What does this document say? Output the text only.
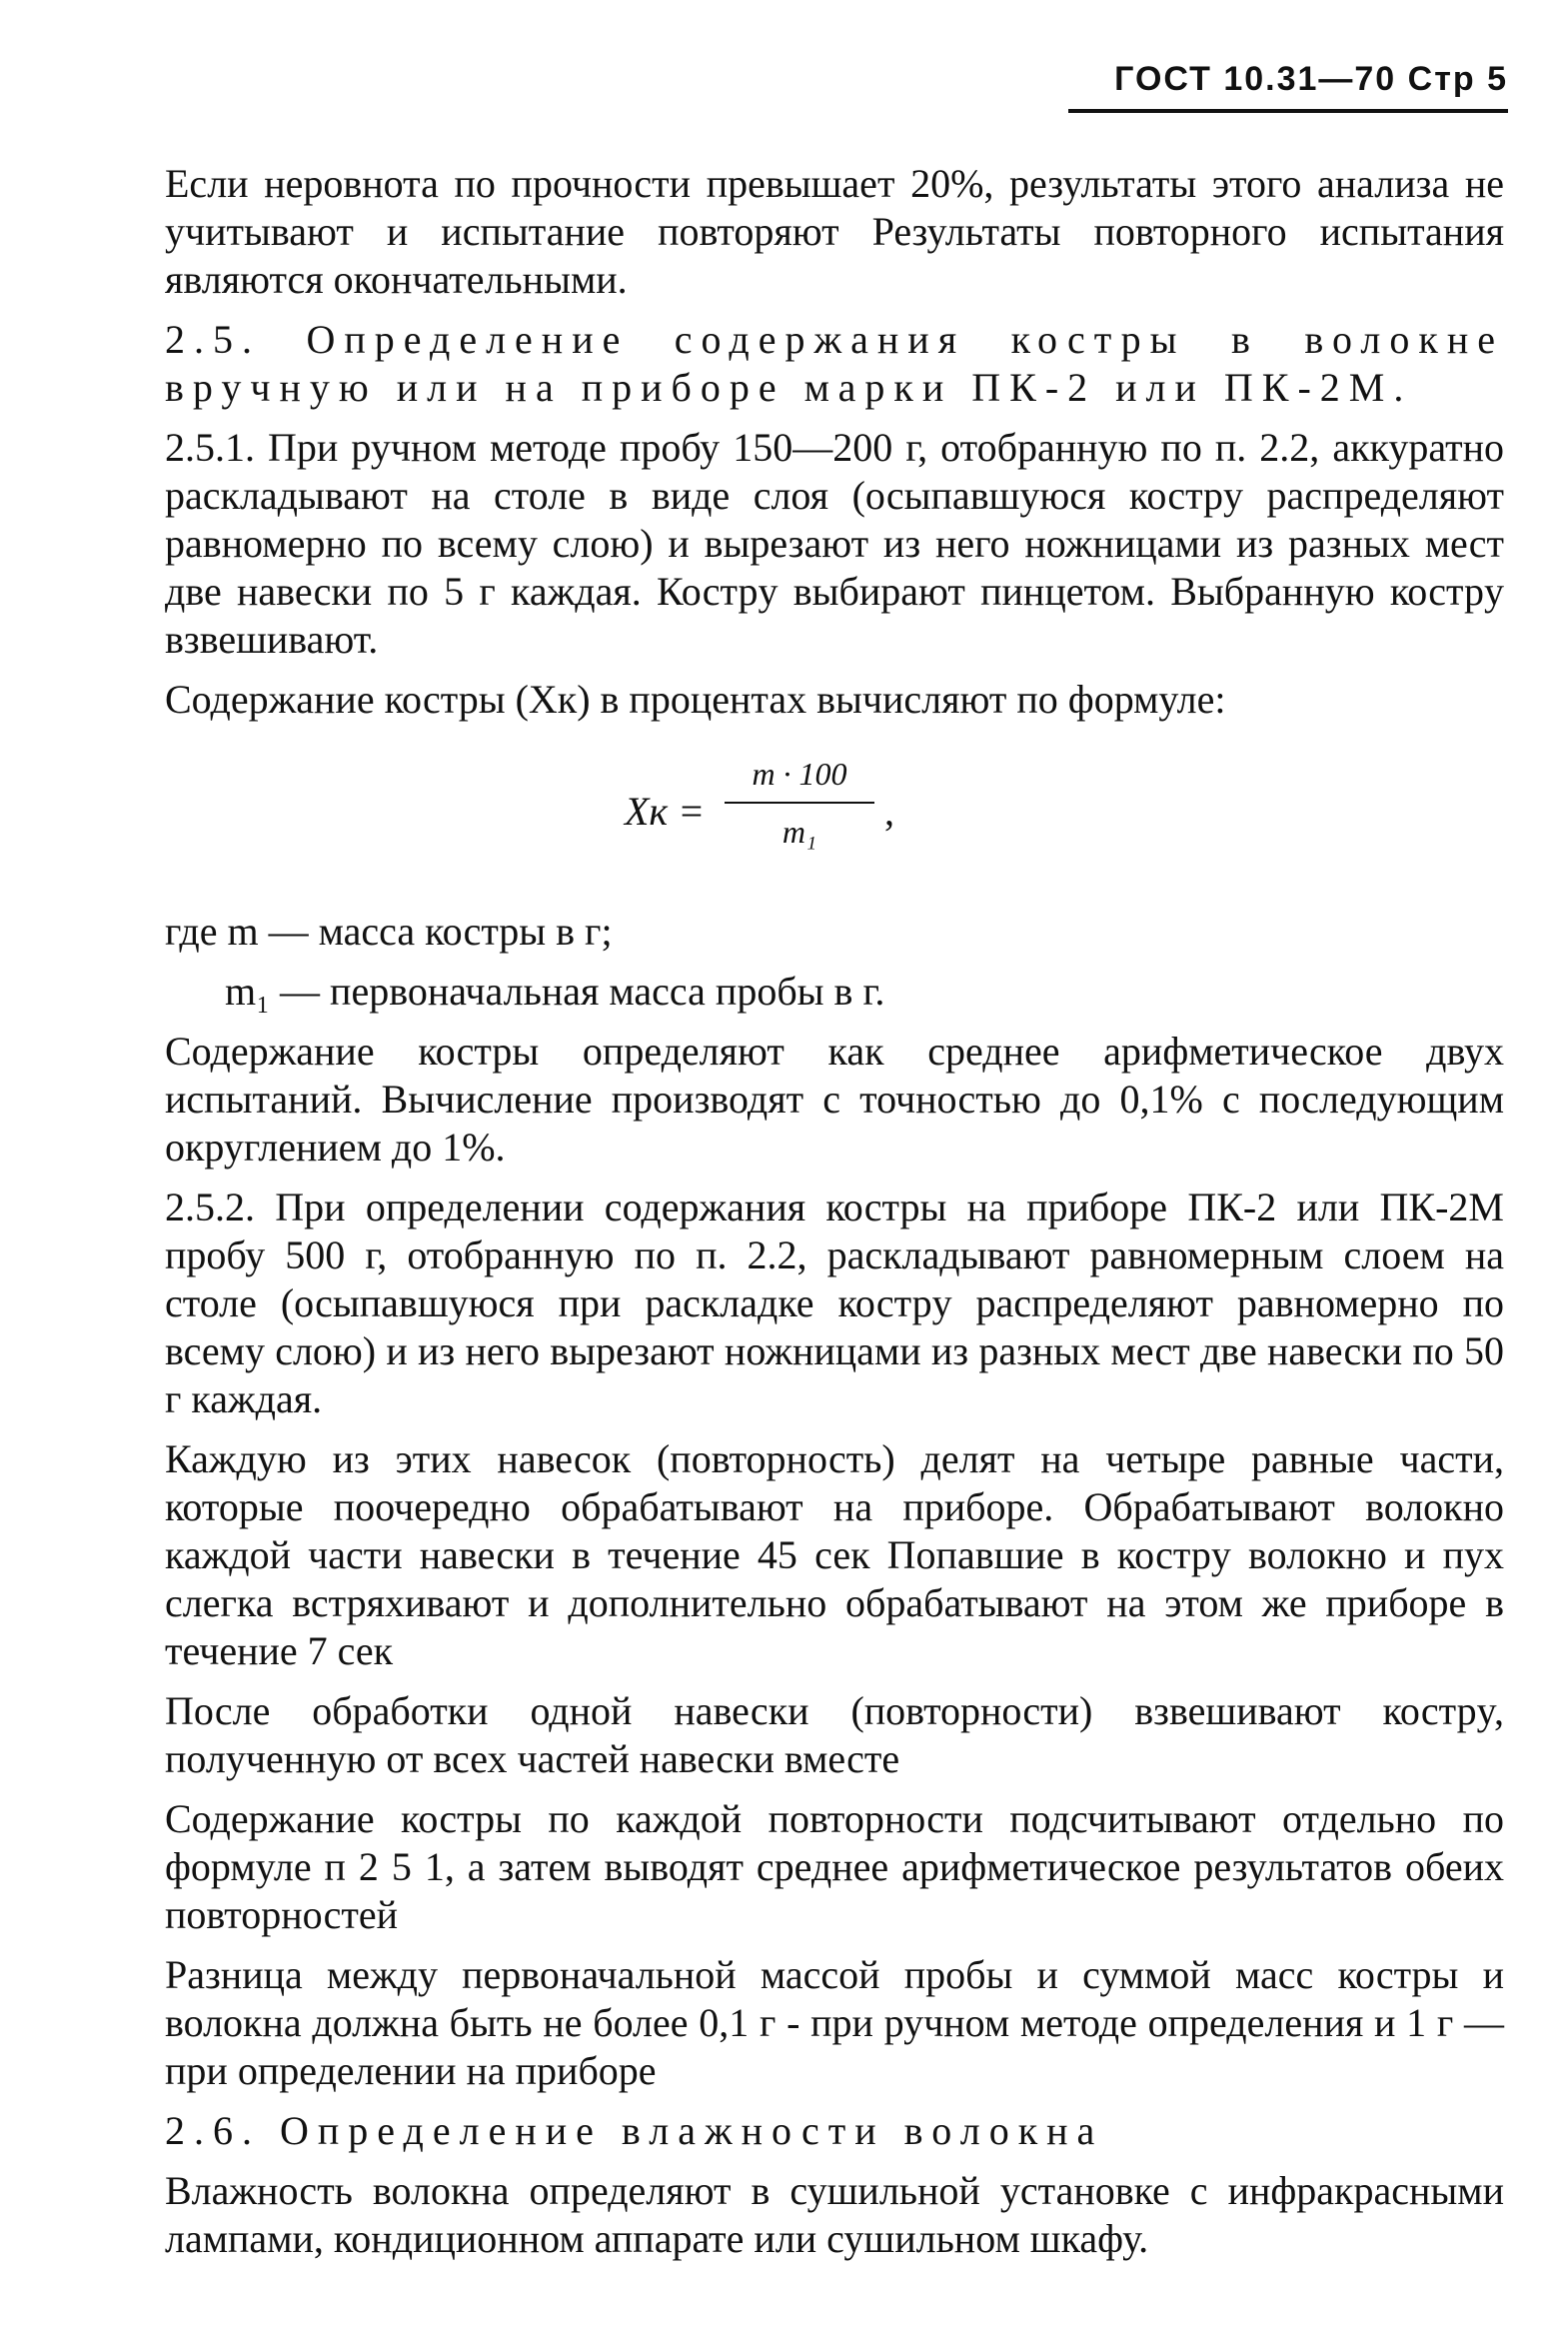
ГОСТ 10.31—70 Стр 5

Если неровнота по прочности превышает 20%, результаты этого анализа не учитывают и испытание повторяют Результаты повторного испытания являются окончательными.

2.5. Определение содержания костры в волокне вручную или на приборе марки ПК-2 или ПК-2М.

2.5.1. При ручном методе пробу 150—200 г, отобранную по п. 2.2, аккуратно раскладывают на столе в виде слоя (осыпавшуюся кострy распределяют равномерно по всему слою) и вырезают из него ножницами из разных мест две навески по 5 г каждая. Кострy выбирают пинцетом. Выбранную кострy взвешивают.

Содержание костры (Xк) в процентах вычисляют по формуле:

Xк = $\frac{m \cdot 100}{\text{m₁}}$ ,

где m — масса костры в г;

m₁ — первоначальная масса пробы в г.

Содержание костры определяют как среднее арифметическое двух испытаний. Вычисление производят с точностью до 0,1% с последующим округлением до 1%.

2.5.2. При определении содержания костры на приборе ПК-2 или ПК-2М пробу 500 г, отобранную по п. 2.2, раскладывают равномерным слоем на столе (осыпавшуюся при раскладке кострy распределяют равномерно по всему слою) и из него вырезают ножницами из разных мест две навески по 50 г каждая.

Каждую из этих навесок (повторность) делят на четыре равные части, которые поочередно обрабатывают на приборе. Обрабатывают волокно каждой части навески в течение 45 сек Попавшие в кострy волокно и пух слегка встряхивают и дополнительно обрабатывают на этом же приборе в течение 7 сек

После обработки одной навески (повторности) взвешивают кострy, полученную от всех частей навески вместе

Содержание костры по каждой повторности подсчитывают отдельно по формуле п 2 5 1, а затем выводят среднее арифметическое результатов обеих повторностей

Разница между первоначальной массой пробы и суммой масс костры и волокна должна быть не более 0,1 г - при ручном методе определения и 1 г — при определении на приборе

2.6. Определение влажности волокна

Влажность волокна определяют в сушильной установке с инфракрасными лампами, кондиционном аппарате или сушильном шкафу.
